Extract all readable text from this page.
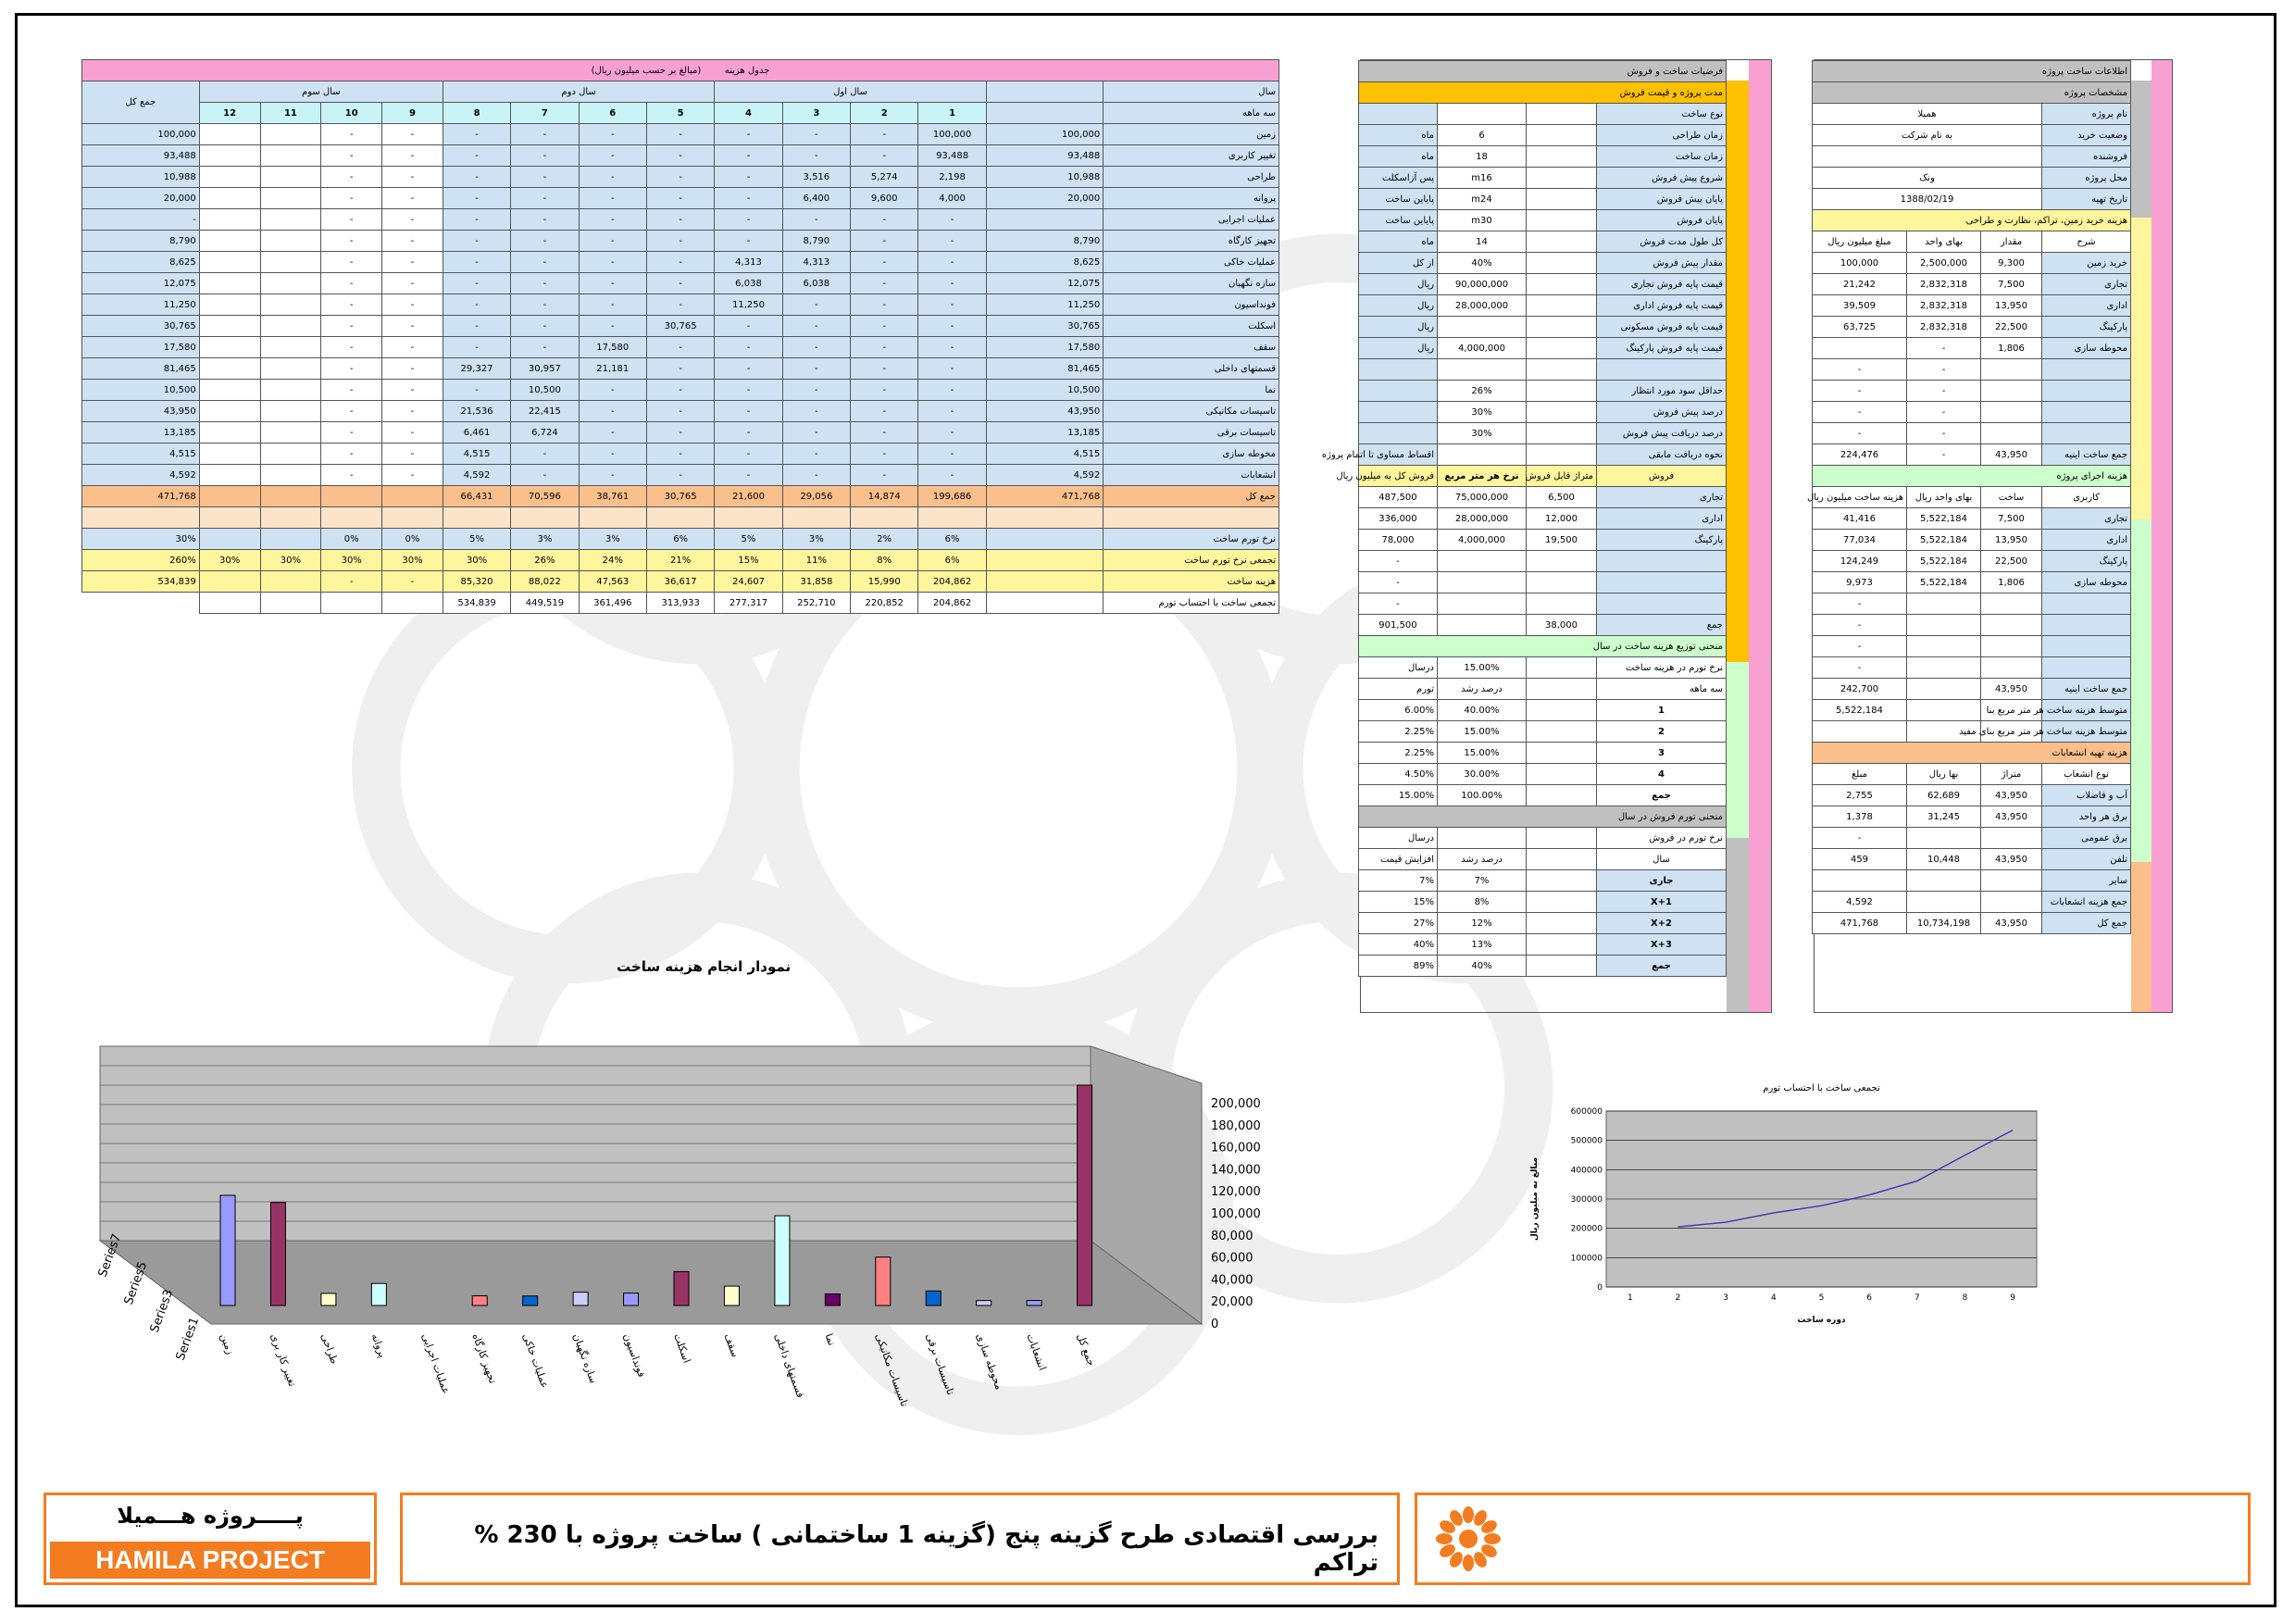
جدول هزینه        (مبالغ بر حسب میلیون ریال)														
سال		سال اول				سال دوم				سال سوم				جمع کل
سه ماهه		1	2	3	4	5	6	7	8	9	10	11	12	
زمین	100,000	100,000	-	-	-	-	-	-	-	-	-			100,000
تغییر کاربری	93,488	93,488	-	-	-	-	-	-	-	-	-			93,488
طراحی	10,988	2,198	5,274	3,516	-	-	-	-	-	-	-			10,988
پروانه	20,000	4,000	9,600	6,400	-	-	-	-	-	-	-			20,000
عملیات اجرایی		-	-	-	-	-	-	-	-	-	-			-
تجهیز کارگاه	8,790	-	-	8,790	-	-	-	-	-	-	-			8,790
عملیات خاکی	8,625	-	-	4,313	4,313	-	-	-	-	-	-			8,625
سازه نگهبان	12,075	-	-	6,038	6,038	-	-	-	-	-	-			12,075
فونداسیون	11,250	-	-	-	11,250	-	-	-	-	-	-			11,250
اسکلت	30,765	-	-	-	-	30,765	-	-	-	-	-			30,765
سقف	17,580	-	-	-	-	-	17,580	-	-	-	-			17,580
قسمتهای داخلی	81,465	-	-	-	-	-	21,181	30,957	29,327	-	-			81,465
نما	10,500	-	-	-	-	-	-	10,500	-	-	-			10,500
تاسیسات مکانیکی	43,950	-	-	-	-	-	-	22,415	21,536	-	-			43,950
تاسیسات برقی	13,185	-	-	-	-	-	-	6,724	6,461	-	-			13,185
محوطه سازی	4,515	-	-	-	-	-	-	-	4,515	-	-			4,515
انشعابات	4,592	-	-	-	-	-	-	-	4,592	-	-			4,592
جمع کل	471,768	199,686	14,874	29,056	21,600	30,765	38,761	70,596	66,431					471,768

نرخ تورم ساخت		6%	2%	3%	5%	6%	3%	3%	5%	0%	0%			30%
تجمعی نرخ تورم ساخت		6%	8%	11%	15%	21%	24%	26%	30%	30%	30%	30%	30%	260%
هزینه ساخت		204,862	15,990	31,858	24,607	36,617	47,563	88,022	85,320	-	-			534,839
تجمعی ساخت با احتساب تورم		204,862	220,852	252,710	277,317	313,933	361,496	449,519	534,839					
فرضیات ساخت و فروش			
مدت پروژه و قیمت فروش			
نوع ساخت			
زمان طراحی		6	ماه
زمان ساخت		18	ماه
شروع پیش فروش		m16	پس آزاسکلت
پایان پیش فروش		m24	پایاین ساخت
پایان فروش		m30	پایاین ساخت
کل طول مدت فروش		14	ماه
مقدار پیش فروش		40%	از کل
قیمت پایه فروش تجاری		90,000,000	ریال
قیمت پایه فروش اداری		28,000,000	ریال
قیمت پایه فروش مسکونی			ریال
قیمت پایه فروش پارکینگ		4,000,000	ریال

حداقل سود مورد انتظار		26%	
درصد پیش فروش		30%	
درصد دریافت پیش فروش		30%	
نحوه دریافت مابقی			اقساط مساوی تا اتمام پروژه
فروش	متراژ قابل فروش	نرخ هر متر مربع	فروش کل به میلیون ریال
تجاری	6,500	75,000,000	487,500
اداری	12,000	28,000,000	336,000
پارکینگ	19,500	4,000,000	78,000
			-
			-
			-
جمع	38,000		901,500
منحنی توزیع هزینه ساخت در سال			
نرخ تورم در هزینه ساخت		15.00%	درسال
سه ماهه		درصد رشد	تورم
1		40.00%	6.00%
2		15.00%	2.25%
3		15.00%	2.25%
4		30.00%	4.50%
جمع		100.00%	15.00%
منحنی تورم فروش در سال			
نرخ تورم در فروش			درسال
سال		درصد رشد	افزایش قیمت
جاری		7%	7%
X+1		8%	15%
X+2		12%	27%
X+3		13%	40%
جمع		40%	89%
اطلاعات ساخت پروژه			
مشخصات پروژه			
نام پروژه	هميلا		
وضعیت خرید	به نام شرکت		
فروشنده			
محل پروژه	ونک		
تاریخ تهیه	1388/02/19		
هزینه خرید زمین، تراکم، نظارت و طراحی			
شرح	مقدار	بهای واحد	مبلغ میلیون ریال
خرید زمین	9,300	2,500,000	100,000
تجاری	7,500	2,832,318	21,242
اداری	13,950	2,832,318	39,509
پارکینگ	22,500	2,832,318	63,725
محوطه سازی	1,806	-	
		-	-
		-	-
		-	-
		-	-
جمع ساخت اینیه	43,950	-	224,476
هزینه اجرای پروژه			
کاربری	ساخت	بهای واحد ریال	هزینه ساخت میلیون ریال
تجاری	7,500	5,522,184	41,416
اداری	13,950	5,522,184	77,034
پارکینگ	22,500	5,522,184	124,249
محوطه سازی	1,806	5,522,184	9,973
			-
			-
			-
			-
جمع ساخت اینیه	43,950		242,700
متوسط هزینه ساخت هر متر مربع بنا			5,522,184
متوسط هزینه ساخت هر متر مربع بنای مفید			
هزینه تهیه انشعابات			
نوع انشعاب	متراژ	بها ریال	مبلغ
آب و فاضلاب	43,950	62,689	2,755
برق هر واحد	43,950	31,245	1,378
برق عمومی			-
تلفن	43,950	10,448	459
سایر			
جمع هزینه انشعابات			4,592
جمع کل	43,950	10,734,198	471,768
نمودار انجام هزینه ساخت
0
20,000
40,000
60,000
80,000
100,000
120,000
140,000
160,000
180,000
200,000
زمین	تغییر کار بری طراحی	پروانه	عملیات اجرایی تجهیز کارگاه عملیات خاکی سازه نگهبان فونداسیون اسکلت	سقف	قسمتهای داخلی نما	تاسیسات مکانیکی تاسیسات برقی محوطه سازی انشعابات	جمع کل
Series1
Series3
Series5
Series7
تجمعی ساخت با احتساب تورم
0
100000
200000
300000
400000
500000
600000
1	2	3	4	5	6	7	8	9
دوره ساخت
مبالغ به میلیون ریال
پـــــروژه هـــمیلا
HAMILA PROJECT
بررسی اقتصادی طرح گزینه پنج (گزینه 1 ساختمانی ) ساخت پروژه با 230 % تراکم
